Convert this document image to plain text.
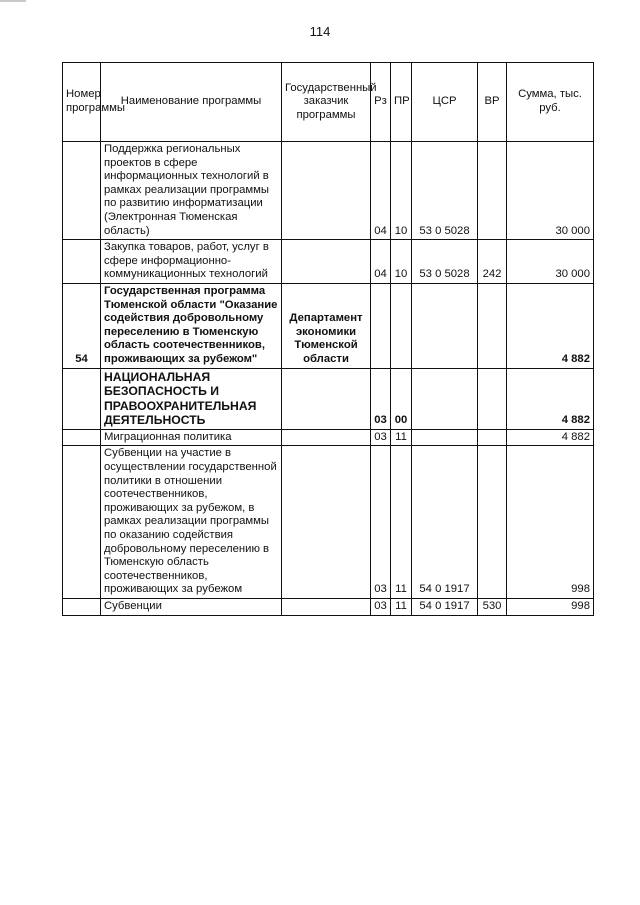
114
Номер программы	Наименование программы	Государственный заказчик программы	Рз	ПР	ЦСР	ВР	Сумма, тыс. руб.
	Поддержка региональных проектов в сфере информационных технологий в рамках реализации программы по развитию информатизации (Электронная Тюменская область)		04	10	53 0 5028		30 000
	Закупка товаров, работ, услуг в сфере информационно-коммуникационных технологий		04	10	53 0 5028	242	30 000
54	Государственная программа Тюменской области "Оказание содействия добровольному переселению в Тюменскую область соотечественников, проживающих за рубежом"	Департамент экономики Тюменской области					4 882
	НАЦИОНАЛЬНАЯ БЕЗОПАСНОСТЬ И ПРАВООХРАНИТЕЛЬНАЯ ДЕЯТЕЛЬНОСТЬ		03	00			4 882
	Миграционная политика		03	11			4 882
	Субвенции на участие в осуществлении государственной политики в отношении соотечественников, проживающих за рубежом, в рамках реализации программы по оказанию содействия добровольному переселению в Тюменскую область соотечественников, проживающих за рубежом		03	11	54 0 1917		998
	Субвенции		03	11	54 0 1917	530	998
